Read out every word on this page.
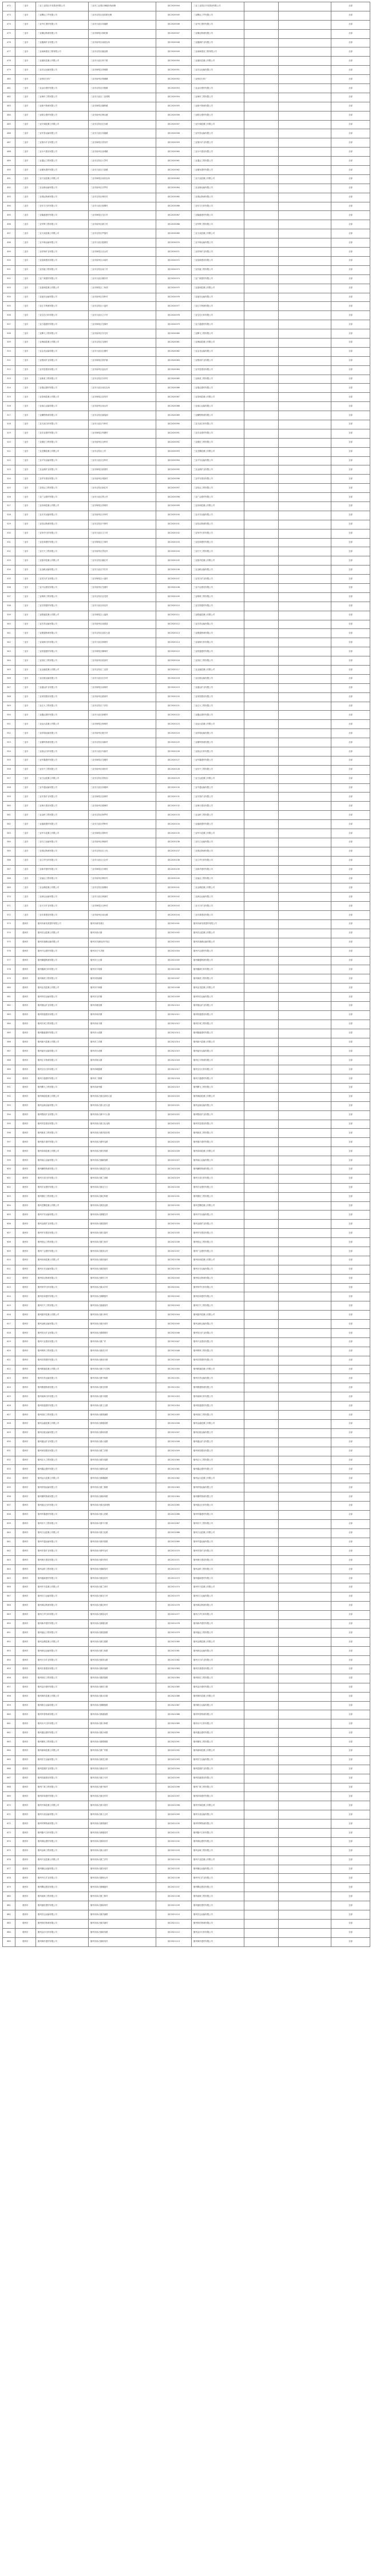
472	三亚市	三亚工业园区开发建设有限公司	三亚市工业园区海榆东线南侧	琼C2020044	三亚工业园区开发建设有限公司			全部
473	三亚市	三亚腾达工贸有限公司	三亚市吉阳区迎宾路北侧	琼C2020045	三亚腾达工贸有限公司			全部
474	三亚市	三亚中汇建材有限公司	三亚市天涯区凤凰路	琼C2020046	三亚中汇建材有限公司			全部
475	三亚市	三亚顺达物流有限公司	三亚市海棠区林旺镇	琼C2020047	三亚顺达物流有限公司			全部
476	三亚市	三亚鑫源矿业有限公司	三亚市崖州区南滨农场	琼C2020048	三亚鑫源矿业有限公司			全部
477	三亚市	三亚南海建设工程有限公司	三亚市吉阳区榆亚路	琼C2020049	三亚南海建设工程有限公司			全部
478	三亚市	三亚盛世混凝土有限公司	三亚市天涯区育才路	琼C2020050	三亚盛世混凝土有限公司			全部
479	三亚市	三亚宏达运输有限公司	三亚市海棠区湾坡路	琼C2020051	三亚宏达运输有限公司			全部
480	三亚市	三亚恒信石料厂	三亚市崖州区保港镇	琼C2020052	三亚恒信石料厂			全部
481	三亚市	三亚金沙建材有限公司	三亚市吉阳区田独镇	琼C2020053	三亚金沙建材有限公司			全部
482	三亚市	三亚海岸工程有限公司	三亚市天涯区三亚湾路	琼C2020054	三亚海岸工程有限公司			全部
483	三亚市	三亚新兴物流有限公司	三亚市海棠区藤桥镇	琼C2020055	三亚新兴物流有限公司			全部
484	三亚市	三亚联合建材有限公司	三亚市崖州区梅山镇	琼C2020056	三亚联合建材有限公司			全部
485	三亚市	三亚长城混凝土有限公司	三亚市吉阳区红沙路	琼C2020057	三亚长城混凝土有限公司			全部
486	三亚市	三亚华泰运输有限公司	三亚市天涯区凤凰镇	琼C2020058	三亚华泰运输有限公司			全部
487	三亚市	三亚瑞丰矿业有限公司	三亚市海棠区青田村	琼C2020059	三亚瑞丰矿业有限公司			全部
488	三亚市	三亚永兴建设有限公司	三亚市崖州区崖城镇	琼C2020060	三亚永兴建设有限公司			全部
489	三亚市	三亚通达工程有限公司	三亚市吉阳区大茅村	琼C2020061	三亚通达工程有限公司			全部
490	三亚市	三亚顺发建材有限公司	三亚市天涯区天涯镇	琼C2020062	三亚顺发建材有限公司			全部
491	三亚市	三亚兴业混凝土有限公司	三亚市海棠区南田农场	琼C2020063	三亚兴业混凝土有限公司			全部
492	三亚市	三亚金海运输有限公司	三亚市崖州区乐罗村	琼C2020064	三亚金海运输有限公司			全部
493	三亚市	三亚鸿运物流有限公司	三亚市吉阳区博后村	琼C2020065	三亚鸿运物流有限公司			全部
494	三亚市	三亚东方石料有限公司	三亚市天涯区槟榔村	琼C2020066	三亚东方石料有限公司			全部
495	三亚市	三亚隆盛建材有限公司	三亚市海棠区龙江村	琼C2020067	三亚隆盛建材有限公司			全部
496	三亚市	三亚华辉工程有限公司	三亚市崖州区港门村	琼C2020068	三亚华辉工程有限公司			全部
497	三亚市	三亚天成混凝土有限公司	三亚市吉阳区罗蓬村	琼C2020069	三亚天成混凝土有限公司			全部
498	三亚市	三亚中海运输有限公司	三亚市天涯区抱坡村	琼C2020070	三亚中海运输有限公司			全部
499	三亚市	三亚祥和矿业有限公司	三亚市海棠区北山村	琼C2020071	三亚祥和矿业有限公司			全部
500	三亚市	三亚富源建设有限公司	三亚市崖州区水南村	琼C2020072	三亚富源建设有限公司			全部
501	三亚市	三亚昌盛工程有限公司	三亚市吉阳区南丁村	琼C2020073	三亚昌盛工程有限公司			全部
502	三亚市	三亚广源建材有限公司	三亚市天涯区桶井村	琼C2020074	三亚广源建材有限公司			全部
503	三亚市	三亚嘉和混凝土有限公司	三亚市海棠区三角园	琼C2020075	三亚嘉和混凝土有限公司			全部
504	三亚市	三亚福安运输有限公司	三亚市崖州区凤岭村	琼C2020076	三亚福安运输有限公司			全部
505	三亚市	三亚汇丰物流有限公司	三亚市吉阳区六盘村	琼C2020077	三亚汇丰物流有限公司			全部
506	三亚市	三亚宝岛石料有限公司	三亚市天涯区立才村	琼C2020078	三亚宝岛石料有限公司			全部
507	三亚市	三亚万通建材有限公司	三亚市海棠区龙海村	琼C2020079	三亚万通建材有限公司			全部
508	三亚市	三亚腾飞工程有限公司	三亚市崖州区东关村	琼C2020080	三亚腾飞工程有限公司			全部
509	三亚市	三亚海韵混凝土有限公司	三亚市吉阳区龙坡村	琼C2020081	三亚海韵混凝土有限公司			全部
510	三亚市	三亚金龙运输有限公司	三亚市天涯区红塘村	琼C2020082	三亚金龙运输有限公司			全部
511	三亚市	三亚银河矿业有限公司	三亚市海棠区铁炉港	琼C2020083	三亚银河矿业有限公司			全部
512	三亚市	三亚安居建设有限公司	三亚市崖州区盐灶村	琼C2020084	三亚安居建设有限公司			全部
513	三亚市	三亚新星工程有限公司	三亚市吉阳区东岸村	琼C2020085	三亚新星工程有限公司			全部
514	三亚市	三亚瑞达建材有限公司	三亚市天涯区南岛农场	琼C2020086	三亚瑞达建材有限公司			全部
515	三亚市	三亚泰和混凝土有限公司	三亚市海棠区加茂村	琼C2020087	三亚泰和混凝土有限公司			全部
516	三亚市	三亚南山运输有限公司	三亚市崖州区南山村	琼C2020088	三亚南山运输有限公司			全部
517	三亚市	三亚鹏程物流有限公司	三亚市吉阳区落笔洞	琼C2020089	三亚鹏程物流有限公司			全部
518	三亚市	三亚天涯石料有限公司	三亚市天涯区马岭村	琼C2020090	三亚天涯石料有限公司			全部
519	三亚市	三亚宏业建材有限公司	三亚市海棠区风塘村	琼C2020091	三亚宏业建材有限公司			全部
520	三亚市	三亚德信工程有限公司	三亚市崖州区北岭村	琼C2020092	三亚德信工程有限公司			全部
521	三亚市	三亚龙腾混凝土有限公司	三亚市吉阳区上村	琼C2020093	三亚龙腾混凝土有限公司			全部
522	三亚市	三亚平安运输有限公司	三亚市天涯区过岭村	琼C2020094	三亚平安运输有限公司			全部
523	三亚市	三亚金源矿业有限公司	三亚市海棠区新园村	琼C2020095	三亚金源矿业有限公司			全部
524	三亚市	三亚华安建设有限公司	三亚市崖州区城西村	琼C2020096	三亚华安建设有限公司			全部
525	三亚市	三亚恒达工程有限公司	三亚市吉阳区新红村	琼C2020097	三亚恒达工程有限公司			全部
526	三亚市	三亚广达建材有限公司	三亚市天涯区黑土村	琼C2020098	三亚广达建材有限公司			全部
527	三亚市	三亚协和混凝土有限公司	三亚市海棠区湾坡村	琼C2020099	三亚协和混凝土有限公司			全部
528	三亚市	三亚永安运输有限公司	三亚市崖州区赤草村	琼C2020100	三亚永安运输有限公司			全部
529	三亚市	三亚信达物流有限公司	三亚市吉阳区中廖村	琼C2020101	三亚信达物流有限公司			全部
530	三亚市	三亚荣华石料有限公司	三亚市天涯区文门村	琼C2020102	三亚荣华石料有限公司			全部
531	三亚市	三亚佳和建材有限公司	三亚市海棠区江林村	琼C2020103	三亚佳和建材有限公司			全部
532	三亚市	三亚长兴工程有限公司	三亚市崖州区拱北村	琼C2020104	三亚长兴工程有限公司			全部
533	三亚市	三亚振华混凝土有限公司	三亚市吉阳区榆红村	琼C2020105	三亚振华混凝土有限公司			全部
534	三亚市	三亚金帆运输有限公司	三亚市天涯区羊栏村	琼C2020106	三亚金帆运输有限公司			全部
535	三亚市	三亚昊天矿业有限公司	三亚市海棠区六道村	琼C2020107	三亚昊天矿业有限公司			全部
536	三亚市	三亚兴达建设有限公司	三亚市崖州区龙港村	琼C2020108	三亚兴达建设有限公司			全部
537	三亚市	三亚明珠工程有限公司	三亚市吉阳区亚龙湾	琼C2020109	三亚明珠工程有限公司			全部
538	三亚市	三亚宏图建材有限公司	三亚市天涯区西岛村	琼C2020110	三亚宏图建材有限公司			全部
539	三亚市	三亚联盛混凝土有限公司	三亚市海棠区土福湾	琼C2020111	三亚联盛混凝土有限公司			全部
540	三亚市	三亚宏昌运输有限公司	三亚市崖州区南滨居	琼C2020112	三亚宏昌运输有限公司			全部
541	三亚市	三亚捷通物流有限公司	三亚市吉阳区迎宾大道	琼C2020113	三亚捷通物流有限公司			全部
542	三亚市	三亚南海石料有限公司	三亚市天涯区海坡村	琼C2020114	三亚南海石料有限公司			全部
543	三亚市	三亚恒通建材有限公司	三亚市海棠区椰林村	琼C2020115	三亚恒通建材有限公司			全部
544	三亚市	三亚世纪工程有限公司	三亚市崖州区临高村	琼C2020116	三亚世纪工程有限公司			全部
545	三亚市	三亚金盛混凝土有限公司	三亚市吉阳区三亚湾	琼C2020117	三亚金盛混凝土有限公司			全部
546	三亚市	三亚启航运输有限公司	三亚市天涯区红沙村	琼C2020118	三亚启航运输有限公司			全部
547	三亚市	三亚盛达矿业有限公司	三亚市海棠区南林村	琼C2020119	三亚盛达矿业有限公司			全部
548	三亚市	三亚家园建设有限公司	三亚市崖州区港西村	琼C2020120	三亚家园建设有限公司			全部
549	三亚市	三亚正大工程有限公司	三亚市吉阳区下洋田	琼C2020121	三亚正大工程有限公司			全部
550	三亚市	三亚鑫达建材有限公司	三亚市天涯区新联村	琼C2020122	三亚鑫达建材有限公司			全部
551	三亚市	三亚远大混凝土有限公司	三亚市海棠区海林村	琼C2020123	三亚远大混凝土有限公司			全部
552	三亚市	三亚祥瑞运输有限公司	三亚市崖州区抱古村	琼C2020124	三亚祥瑞运输有限公司			全部
553	三亚市	三亚顺风物流有限公司	三亚市吉阳区南新村	琼C2020125	三亚顺风物流有限公司			全部
554	三亚市	三亚凯达石料有限公司	三亚市天涯区布曲村	琼C2020126	三亚凯达石料有限公司			全部
555	三亚市	三亚华鑫建材有限公司	三亚市海棠区龙楼村	琼C2020127	三亚华鑫建材有限公司			全部
556	三亚市	三亚东兴工程有限公司	三亚市崖州区城东村	琼C2020128	三亚东兴工程有限公司			全部
557	三亚市	三亚万达混凝土有限公司	三亚市吉阳区荔枝沟	琼C2020129	三亚万达混凝土有限公司			全部
558	三亚市	三亚中通运输有限公司	三亚市天涯区西瑁洲	琼C2020130	三亚中通运输有限公司			全部
559	三亚市	三亚安泰矿业有限公司	三亚市海棠区加林村	琼C2020131	三亚安泰矿业有限公司			全部
560	三亚市	三亚海天建设有限公司	三亚市崖州区镇海村	琼C2020132	三亚海天建设有限公司			全部
561	三亚市	三亚金桥工程有限公司	三亚市吉阳区海罗村	琼C2020133	三亚金桥工程有限公司			全部
562	三亚市	三亚盛源建材有限公司	三亚市天涯区塔岭村	琼C2020134	三亚盛源建材有限公司			全部
563	三亚市	三亚华丰混凝土有限公司	三亚市海棠区排岭村	琼C2020135	三亚华丰混凝土有限公司			全部
564	三亚市	三亚长江运输有限公司	三亚市崖州区梅西村	琼C2020136	三亚长江运输有限公司			全部
565	三亚市	三亚鸿达物流有限公司	三亚市吉阳区红土坎	琼C2020137	三亚鸿达物流有限公司			全部
566	三亚市	三亚立华石料有限公司	三亚市天涯区大社村	琼C2020138	三亚立华石料有限公司			全部
567	三亚市	三亚新华建材有限公司	三亚市海棠区沙坡村	琼C2020139	三亚新华建材有限公司			全部
568	三亚市	三亚福达工程有限公司	三亚市崖州区梅东村	琼C2020140	三亚福达工程有限公司			全部
569	三亚市	三亚金鼎混凝土有限公司	三亚市吉阳区槟榔河	琼C2020141	三亚金鼎混凝土有限公司			全部
570	三亚市	三亚润达运输有限公司	三亚市天涯区黄流村	琼C2020142	三亚润达运输有限公司			全部
571	三亚市	三亚天宇矿业有限公司	三亚市海棠区北岭村	琼C2020143	三亚天宇矿业有限公司			全部
572	三亚市	三亚宏基建设有限公司	三亚市崖州区南山镇	琼C2020144	三亚宏基建设有限公司			全部
573	儋州市	儋州市新英湾建材有限公司	儋州市新英湾区	琼C2021001	儋州市新英湾建材有限公司			全部
574	儋州市	儋州宏达混凝土有限公司	儋州市那大镇	琼C2021002	儋州宏达混凝土有限公司			全部
575	儋州市	儋州洋浦港运输有限公司	儋州市洋浦经济开发区	琼C2021003	儋州洋浦港运输有限公司			全部
576	儋州市	儋州兴达建材有限公司	儋州市白马井镇	琼C2021004	儋州兴达建材有限公司			全部
577	儋州市	儋州顺通物流有限公司	儋州市王五镇	琼C2021005	儋州顺通物流有限公司			全部
578	儋州市	儋州鑫源石料有限公司	儋州市木棠镇	琼C2021006	儋州鑫源石料有限公司			全部
579	儋州市	儋州海湾工程有限公司	儋州市排浦镇	琼C2021007	儋州海湾工程有限公司			全部
580	儋州市	儋州金龙混凝土有限公司	儋州市中和镇	琼C2021008	儋州金龙混凝土有限公司			全部
581	儋州市	儋州华信运输有限公司	儋州市光村镇	琼C2021009	儋州华信运输有限公司			全部
582	儋州市	儋州瑞达矿业有限公司	儋州市雅星镇	琼C2021010	儋州瑞达矿业有限公司			全部
583	儋州市	儋州恒通建设有限公司	儋州市和庆镇	琼C2021011	儋州恒通建设有限公司			全部
584	儋州市	儋州长城工程有限公司	儋州市南丰镇	琼C2021012	儋州长城工程有限公司			全部
585	儋州市	儋州隆盛建材有限公司	儋州市大成镇	琼C2021013	儋州隆盛建材有限公司			全部
586	儋州市	儋州新兴混凝土有限公司	儋州市兰洋镇	琼C2021014	儋州新兴混凝土有限公司			全部
587	儋州市	儋州福安运输有限公司	儋州市东成镇	琼C2021015	儋州福安运输有限公司			全部
588	儋州市	儋州汇丰物流有限公司	儋州市海头镇	琼C2021016	儋州汇丰物流有限公司			全部
589	儋州市	儋州宝岛石料有限公司	儋州市峨蔓镇	琼C2021017	儋州宝岛石料有限公司			全部
590	儋州市	儋州万通建材有限公司	儋州市三都镇	琼C2021018	儋州万通建材有限公司			全部
591	儋州市	儋州腾飞工程有限公司	儋州市新州镇	琼C2021019	儋州腾飞工程有限公司			全部
592	儋州市	儋州海韵混凝土有限公司	儋州市那大镇北部湾大道	琼C2021020	儋州海韵混凝土有限公司			全部
593	儋州市	儋州金海运输有限公司	儋州市那大镇人民大道	琼C2021021	儋州金海运输有限公司			全部
594	儋州市	儋州银河矿业有限公司	儋州市那大镇中兴大街	琼C2021022	儋州银河矿业有限公司			全部
595	儋州市	儋州安居建设有限公司	儋州市那大镇文化北路	琼C2021023	儋州安居建设有限公司			全部
596	儋州市	儋州新星工程有限公司	儋州市那大镇伏波东路	琼C2021024	儋州新星工程有限公司			全部
597	儋州市	儋州瑞丰建材有限公司	儋州市那大镇军屯路	琼C2021025	儋州瑞丰建材有限公司			全部
598	儋州市	儋州泰和混凝土有限公司	儋州市那大镇东风路	琼C2021026	儋州泰和混凝土有限公司			全部
599	儋州市	儋州南山运输有限公司	儋州市那大镇解放路	琼C2021027	儋州南山运输有限公司			全部
600	儋州市	儋州鹏程物流有限公司	儋州市那大镇迎宾大道	琼C2021028	儋州鹏程物流有限公司			全部
601	儋州市	儋州天成石料有限公司	儋州市那大镇兰训路	琼C2021029	儋州天成石料有限公司			全部
602	儋州市	儋州宏业建材有限公司	儋州市那大镇北门江	琼C2021030	儋州宏业建材有限公司			全部
603	儋州市	儋州德信工程有限公司	儋州市那大镇红岭路	琼C2021031	儋州德信工程有限公司			全部
604	儋州市	儋州龙腾混凝土有限公司	儋州市那大镇富克路	琼C2021032	儋州龙腾混凝土有限公司			全部
605	儋州市	儋州平安运输有限公司	儋州市那大镇雅拉村	琼C2021033	儋州平安运输有限公司			全部
606	儋州市	儋州金源矿业有限公司	儋州市那大镇屋基村	琼C2021034	儋州金源矿业有限公司			全部
607	儋州市	儋州华安建设有限公司	儋州市那大镇石屋村	琼C2021035	儋州华安建设有限公司			全部
608	儋州市	儋州恒达工程有限公司	儋州市那大镇力伟村	琼C2021036	儋州恒达工程有限公司			全部
609	儋州市	儋州广达建材有限公司	儋州市那大镇茶山村	琼C2021037	儋州广达建材有限公司			全部
610	儋州市	儋州协和混凝土有限公司	儋州市那大镇侨值村	琼C2021038	儋州协和混凝土有限公司			全部
611	儋州市	儋州永安运输有限公司	儋州市那大镇洛基村	琼C2021039	儋州永安运输有限公司			全部
612	儋州市	儋州信达物流有限公司	儋州市那大镇松门村	琼C2021040	儋州信达物流有限公司			全部
613	儋州市	儋州荣华石料有限公司	儋州市那大镇水井村	琼C2021041	儋州荣华石料有限公司			全部
614	儋州市	儋州佳和建材有限公司	儋州市那大镇簕根村	琼C2021042	儋州佳和建材有限公司			全部
615	儋州市	儋州长兴工程有限公司	儋州市那大镇番加村	琼C2021043	儋州长兴工程有限公司			全部
616	儋州市	儋州振华混凝土有限公司	儋州市那大镇大岭村	琼C2021044	儋州振华混凝土有限公司			全部
617	儋州市	儋州金帆运输有限公司	儋州市那大镇沙河村	琼C2021045	儋州金帆运输有限公司			全部
618	儋州市	儋州昊天矿业有限公司	儋州市那大镇增坡村	琼C2021046	儋州昊天矿业有限公司			全部
619	儋州市	儋州兴业建设有限公司	儋州市那大镇广村	琼C2021047	儋州兴业建设有限公司			全部
620	儋州市	儋州明珠工程有限公司	儋州市那大镇美万村	琼C2021048	儋州明珠工程有限公司			全部
621	儋州市	儋州宏图建材有限公司	儋州市那大镇南丰路	琼C2021049	儋州宏图建材有限公司			全部
622	儋州市	儋州联盛混凝土有限公司	儋州市那大镇白马井路	琼C2021050	儋州联盛混凝土有限公司			全部
623	儋州市	儋州宏昌运输有限公司	儋州市那大镇中和路	琼C2021051	儋州宏昌运输有限公司			全部
624	儋州市	儋州捷通物流有限公司	儋州市那大镇光村路	琼C2021052	儋州捷通物流有限公司			全部
625	儋州市	儋州南海石料有限公司	儋州市那大镇木棠路	琼C2021053	儋州南海石料有限公司			全部
626	儋州市	儋州恒通建材有限公司	儋州市那大镇王五路	琼C2021054	儋州恒通建材有限公司			全部
627	儋州市	儋州世纪工程有限公司	儋州市那大镇排浦路	琼C2021055	儋州世纪工程有限公司			全部
628	儋州市	儋州金盛混凝土有限公司	儋州市那大镇雅星路	琼C2021056	儋州金盛混凝土有限公司			全部
629	儋州市	儋州启航运输有限公司	儋州市那大镇和庆路	琼C2021057	儋州启航运输有限公司			全部
630	儋州市	儋州盛达矿业有限公司	儋州市那大镇大成路	琼C2021058	儋州盛达矿业有限公司			全部
631	儋州市	儋州家园建设有限公司	儋州市那大镇兰洋路	琼C2021059	儋州家园建设有限公司			全部
632	儋州市	儋州正大工程有限公司	儋州市那大镇东成路	琼C2021060	儋州正大工程有限公司			全部
633	儋州市	儋州鑫达建材有限公司	儋州市那大镇海头路	琼C2021061	儋州鑫达建材有限公司			全部
634	儋州市	儋州远大混凝土有限公司	儋州市那大镇峨蔓路	琼C2021062	儋州远大混凝土有限公司			全部
635	儋州市	儋州祥瑞运输有限公司	儋州市那大镇三都路	琼C2021063	儋州祥瑞运输有限公司			全部
636	儋州市	儋州顺风物流有限公司	儋州市那大镇新州路	琼C2021064	儋州顺风物流有限公司			全部
637	儋州市	儋州凯达石料有限公司	儋州市那大镇北部湾路	琼C2021065	儋州凯达石料有限公司			全部
638	儋州市	儋州华鑫建材有限公司	儋州市那大镇人民路	琼C2021066	儋州华鑫建材有限公司			全部
639	儋州市	儋州东兴工程有限公司	儋州市那大镇中兴路	琼C2021067	儋州东兴工程有限公司			全部
640	儋州市	儋州万达混凝土有限公司	儋州市那大镇文化路	琼C2021068	儋州万达混凝土有限公司			全部
641	儋州市	儋州中通运输有限公司	儋州市那大镇伏波路	琼C2021069	儋州中通运输有限公司			全部
642	儋州市	儋州安泰矿业有限公司	儋州市那大镇军屯村	琼C2021070	儋州安泰矿业有限公司			全部
643	儋州市	儋州海天建设有限公司	儋州市那大镇东风村	琼C2021071	儋州海天建设有限公司			全部
644	儋州市	儋州金桥工程有限公司	儋州市那大镇解放村	琼C2021072	儋州金桥工程有限公司			全部
645	儋州市	儋州盛源建材有限公司	儋州市那大镇迎宾村	琼C2021073	儋州盛源建材有限公司			全部
646	儋州市	儋州华丰混凝土有限公司	儋州市那大镇兰训村	琼C2021074	儋州华丰混凝土有限公司			全部
647	儋州市	儋州长江运输有限公司	儋州市那大镇北门村	琼C2021075	儋州长江运输有限公司			全部
648	儋州市	儋州鸿达物流有限公司	儋州市那大镇红岭村	琼C2021076	儋州鸿达物流有限公司			全部
649	儋州市	儋州立华石料有限公司	儋州市那大镇富克村	琼C2021077	儋州立华石料有限公司			全部
650	儋州市	儋州新华建材有限公司	儋州市那大镇雅拉路	琼C2021078	儋州新华建材有限公司			全部
651	儋州市	儋州福达工程有限公司	儋州市那大镇屋基路	琼C2021079	儋州福达工程有限公司			全部
652	儋州市	儋州金鼎混凝土有限公司	儋州市那大镇石屋路	琼C2021080	儋州金鼎混凝土有限公司			全部
653	儋州市	儋州润达运输有限公司	儋州市那大镇力伟路	琼C2021081	儋州润达运输有限公司			全部
654	儋州市	儋州天宇矿业有限公司	儋州市那大镇茶山路	琼C2021082	儋州天宇矿业有限公司			全部
655	儋州市	儋州宏基建设有限公司	儋州市那大镇侨值路	琼C2021083	儋州宏基建设有限公司			全部
656	儋州市	儋州恒信工程有限公司	儋州市那大镇洛基路	琼C2021084	儋州恒信工程有限公司			全部
657	儋州市	儋州金沙建材有限公司	儋州市那大镇松门路	琼C2021085	儋州金沙建材有限公司			全部
658	儋州市	儋州海岸混凝土有限公司	儋州市那大镇水井路	琼C2021086	儋州海岸混凝土有限公司			全部
659	儋州市	儋州联合运输有限公司	儋州市那大镇簕根路	琼C2021087	儋州联合运输有限公司			全部
660	儋州市	儋州华泰物流有限公司	儋州市那大镇番加路	琼C2021088	儋州华泰物流有限公司			全部
661	儋州市	儋州永兴石料有限公司	儋州市那大镇大岭路	琼C2021089	儋州永兴石料有限公司			全部
662	儋州市	儋州通达建材有限公司	儋州市那大镇沙河路	琼C2021090	儋州通达建材有限公司			全部
663	儋州市	儋州顺发工程有限公司	儋州市那大镇增坡路	琼C2021091	儋州顺发工程有限公司			全部
664	儋州市	儋州嘉和混凝土有限公司	儋州市那大镇广村路	琼C2021092	儋州嘉和混凝土有限公司			全部
665	儋州市	儋州东方运输有限公司	儋州市那大镇美万路	琼C2021093	儋州东方运输有限公司			全部
666	儋州市	儋州富源矿业有限公司	儋州市那大镇南丰村	琼C2021094	儋州富源矿业有限公司			全部
667	儋州市	儋州昌盛建设有限公司	儋州市那大镇白马村	琼C2021095	儋州昌盛建设有限公司			全部
668	儋州市	儋州广源工程有限公司	儋州市那大镇中和村	琼C2021096	儋州广源工程有限公司			全部
669	儋州市	儋州祥和建材有限公司	儋州市那大镇光村村	琼C2021097	儋州祥和建材有限公司			全部
670	儋州市	儋州中海混凝土有限公司	儋州市那大镇木棠村	琼C2021098	儋州中海混凝土有限公司			全部
671	儋州市	儋州天成运输有限公司	儋州市那大镇王五村	琼C2021099	儋州天成运输有限公司			全部
672	儋州市	儋州华辉物流有限公司	儋州市那大镇排浦村	琼C2021100	儋州华辉物流有限公司			全部
673	儋州市	儋州隆兴石料有限公司	儋州市那大镇雅星村	琼C2021101	儋州隆兴石料有限公司			全部
674	儋州市	儋州鸿运建材有限公司	儋州市那大镇和庆村	琼C2021102	儋州鸿运建材有限公司			全部
675	儋州市	儋州金海工程有限公司	儋州市那大镇大成村	琼C2021103	儋州金海工程有限公司			全部
676	儋州市	儋州兴业混凝土有限公司	儋州市那大镇兰洋村	琼C2021104	儋州兴业混凝土有限公司			全部
677	儋州市	儋州顺达运输有限公司	儋州市那大镇东成村	琼C2021105	儋州顺达运输有限公司			全部
678	儋州市	儋州中汇矿业有限公司	儋州市那大镇海头村	琼C2021106	儋州中汇矿业有限公司			全部
679	儋州市	儋州腾达建设有限公司	儋州市那大镇峨蔓村	琼C2021107	儋州腾达建设有限公司			全部
680	儋州市	儋州南海工程有限公司	儋州市那大镇三都村	琼C2021108	儋州南海工程有限公司			全部
681	儋州市	儋州盛世建材有限公司	儋州市那大镇新州村	琼C2021109	儋州盛世建材有限公司			全部
682	儋州市	儋州宏达运输有限公司	儋州市那大镇洋浦路	琼C2021110	儋州宏达运输有限公司			全部
683	儋州市	儋州恒信物流有限公司	儋州市那大镇洋浦村	琼C2021111	儋州恒信物流有限公司			全部
684	儋州市	儋州金沙石料有限公司	儋州市那大镇新英路	琼C2021112	儋州金沙石料有限公司			全部
685	儋州市	儋州海岸建材有限公司	儋州市那大镇新英村	琼C2021113	儋州海岸建材有限公司			全部
